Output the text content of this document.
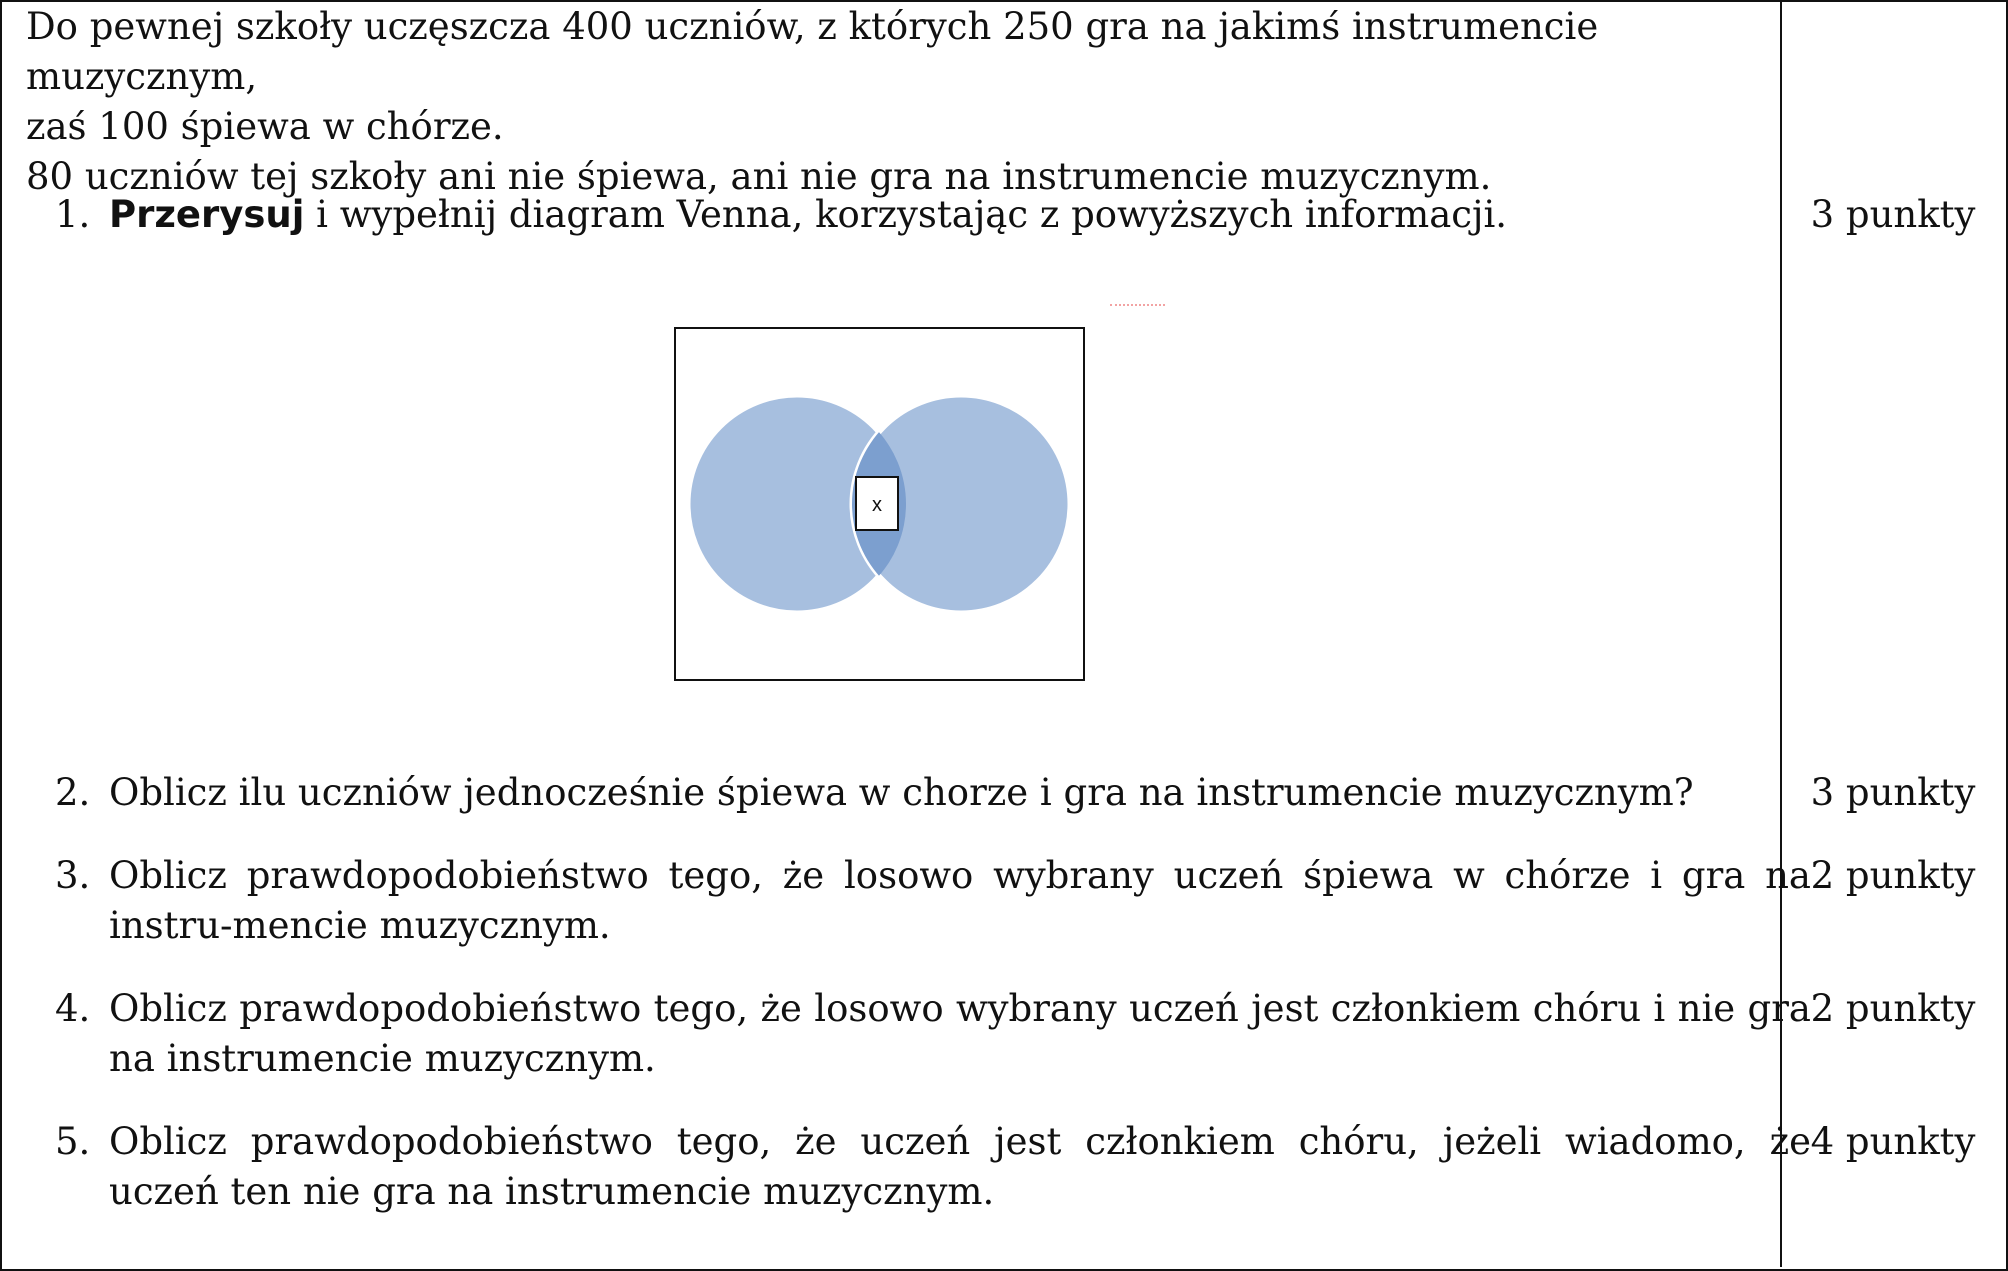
Do pewnej szkoły uczęszcza 400 uczniów, z których 250 gra na jakimś instrumencie muzycznym,

zaś 100 śpiewa w chórze.

80 uczniów tej szkoły ani nie śpiewa, ani nie gra na instrumencie muzycznym.

1. Przerysuj i wypełnij diagram Venna, korzystając z powyższych informacji.	3 punkty
x
2. Oblicz ilu uczniów jednocześnie śpiewa w chorze i gra na instrumencie muzycznym?	3 punkty
3. Oblicz prawdopodobieństwo tego, że losowo wybrany uczeń śpiewa w chórze i gra na instru-mencie muzycznym.
2 punkty
4. Oblicz prawdopodobieństwo tego, że losowo wybrany uczeń jest członkiem chóru i nie gra na instrumencie muzycznym.
2 punkty
5. Oblicz prawdopodobieństwo tego, że uczeń jest członkiem chóru, jeżeli wiadomo, że uczeń ten nie gra na instrumencie muzycznym.
4 punkty
